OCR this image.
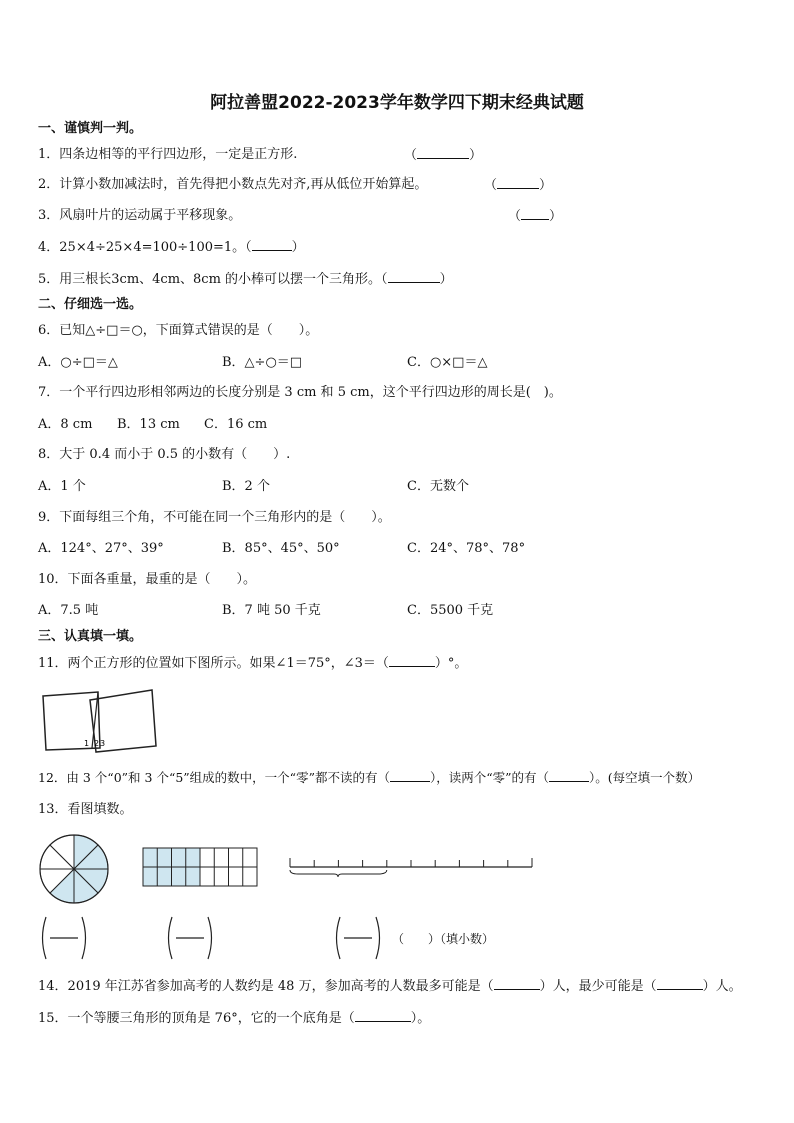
阿拉善盟2022-2023学年数学四下期末经典试题
一、谨慎判一判。
1．四条边相等的平行四边形，一定是正方形.	（	）
2．计算小数加减法时，首先得把小数点先对齐,再从低位开始算起。	（	）
3．风扇叶片的运动属于平移现象。	（ ）
4．25×4÷25×4=100÷100=1。（	）
5．用三根长3cm、4cm、8cm 的小棒可以摆一个三角形。（	）
二、仔细选一选。
6．已知△÷□＝○，下面算式错误的是（　　）。
A．○÷□＝△	B．△÷○＝□	C．○×□＝△
7．一个平行四边形相邻两边的长度分别是 3 cm 和 5 cm，这个平行四边形的周长是(　)。
A．8 cm B．13 cm C．16 cm
8．大于 0.4 而小于 0.5 的小数有（　　）.
A．1 个	B．2 个	C．无数个
9．下面每组三个角，不可能在同一个三角形内的是（　　）。
A．124°、27°、39°	B．85°、45°、50°	C．24°、78°、78°
10．下面各重量，最重的是（　　）。
A．7.5 吨	B．7 吨 50 千克	C．5500 千克
三、认真填一填。
11．两个正方形的位置如下图所示。如果∠1＝75°，∠3＝（	）°。
1 2 3
12．由 3 个“0”和 3 个“5”组成的数中，一个“零”都不读的有（	），读两个“零”的有（	）。(每空填一个数）
13．看图填数。
（　　）（填小数）
14．2019 年江苏省参加高考的人数约是 48 万，参加高考的人数最多可能是（	）人，最少可能是（	）人。
15．一个等腰三角形的顶角是 76°，它的一个底角是（	）。
